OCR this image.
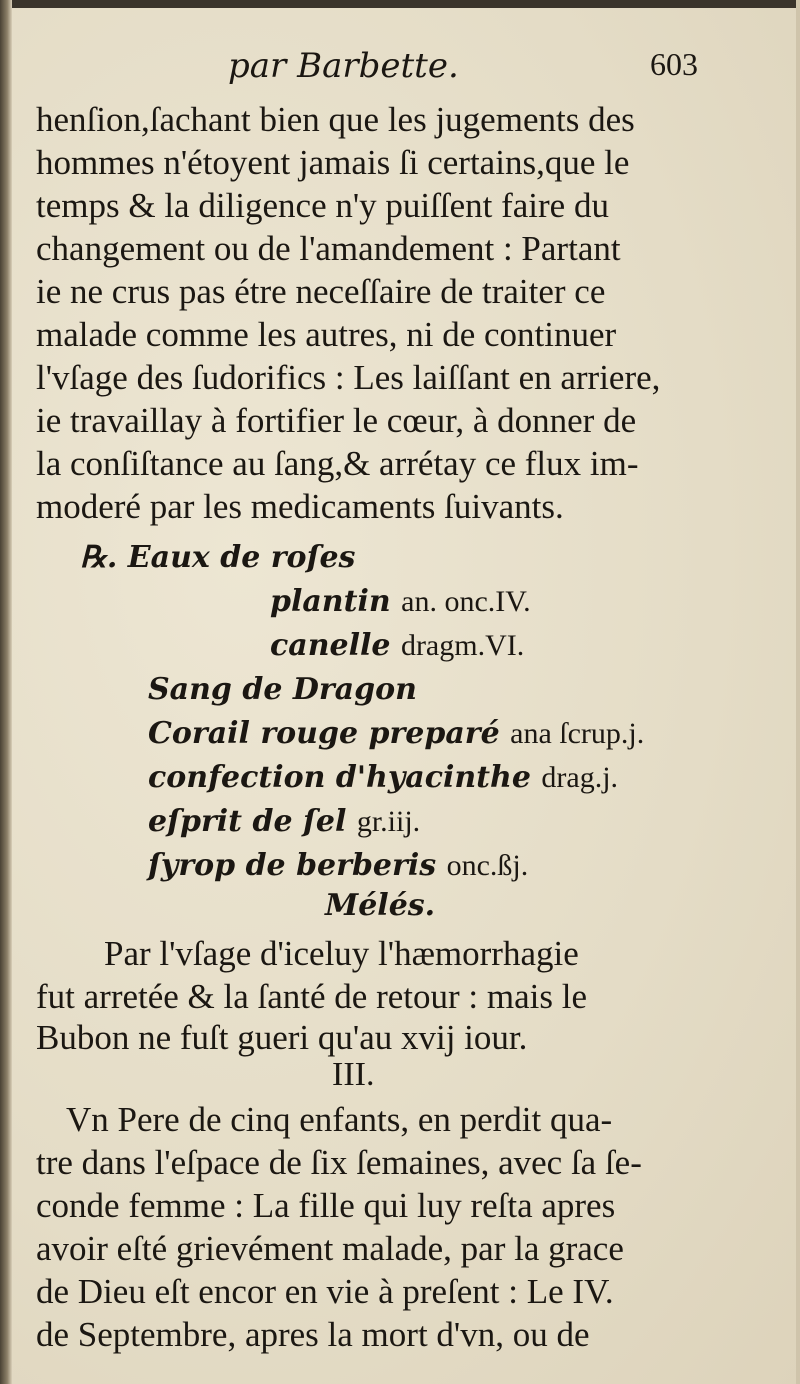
par Barbette.	603
henſion,ſachant bien que les jugements des
hommes n'étoyent jamais ſi certains,que le
temps & la diligence n'y puiſſent faire du
changement ou de l'amandement : Partant
ie ne crus pas étre neceſſaire de traiter ce
malade comme les autres, ni de continuer
l'vſage des ſudorifics : Les laiſſant en arriere,
ie travaillay à fortifier le cœur, à donner de
la conſiſtance au ſang,& arrétay ce flux im-
moderé par les medicaments ſuivants.
℞. Eaux de roſes
plantin an. onc.IV.
canelle dragm.VI.
Sang de Dragon
Corail rouge preparé ana ſcrup.j.
confection d'hyacinthe drag.j.
eſprit de ſel gr.iij.
ſyrop de berberis onc.ßj.
Mélés.
Par l'vſage d'iceluy l'hæmorrhagie
fut arretée & la ſanté de retour : mais le
Bubon ne fuſt gueri qu'au xvij iour.
III.
Vn Pere de cinq enfants, en perdit qua-
tre dans l'eſpace de ſix ſemaines, avec ſa ſe-
conde femme : La fille qui luy reſta apres
avoir eſté grievément malade, par la grace
de Dieu eſt encor en vie à preſent : Le IV.
de Septembre, apres la mort d'vn, ou de
